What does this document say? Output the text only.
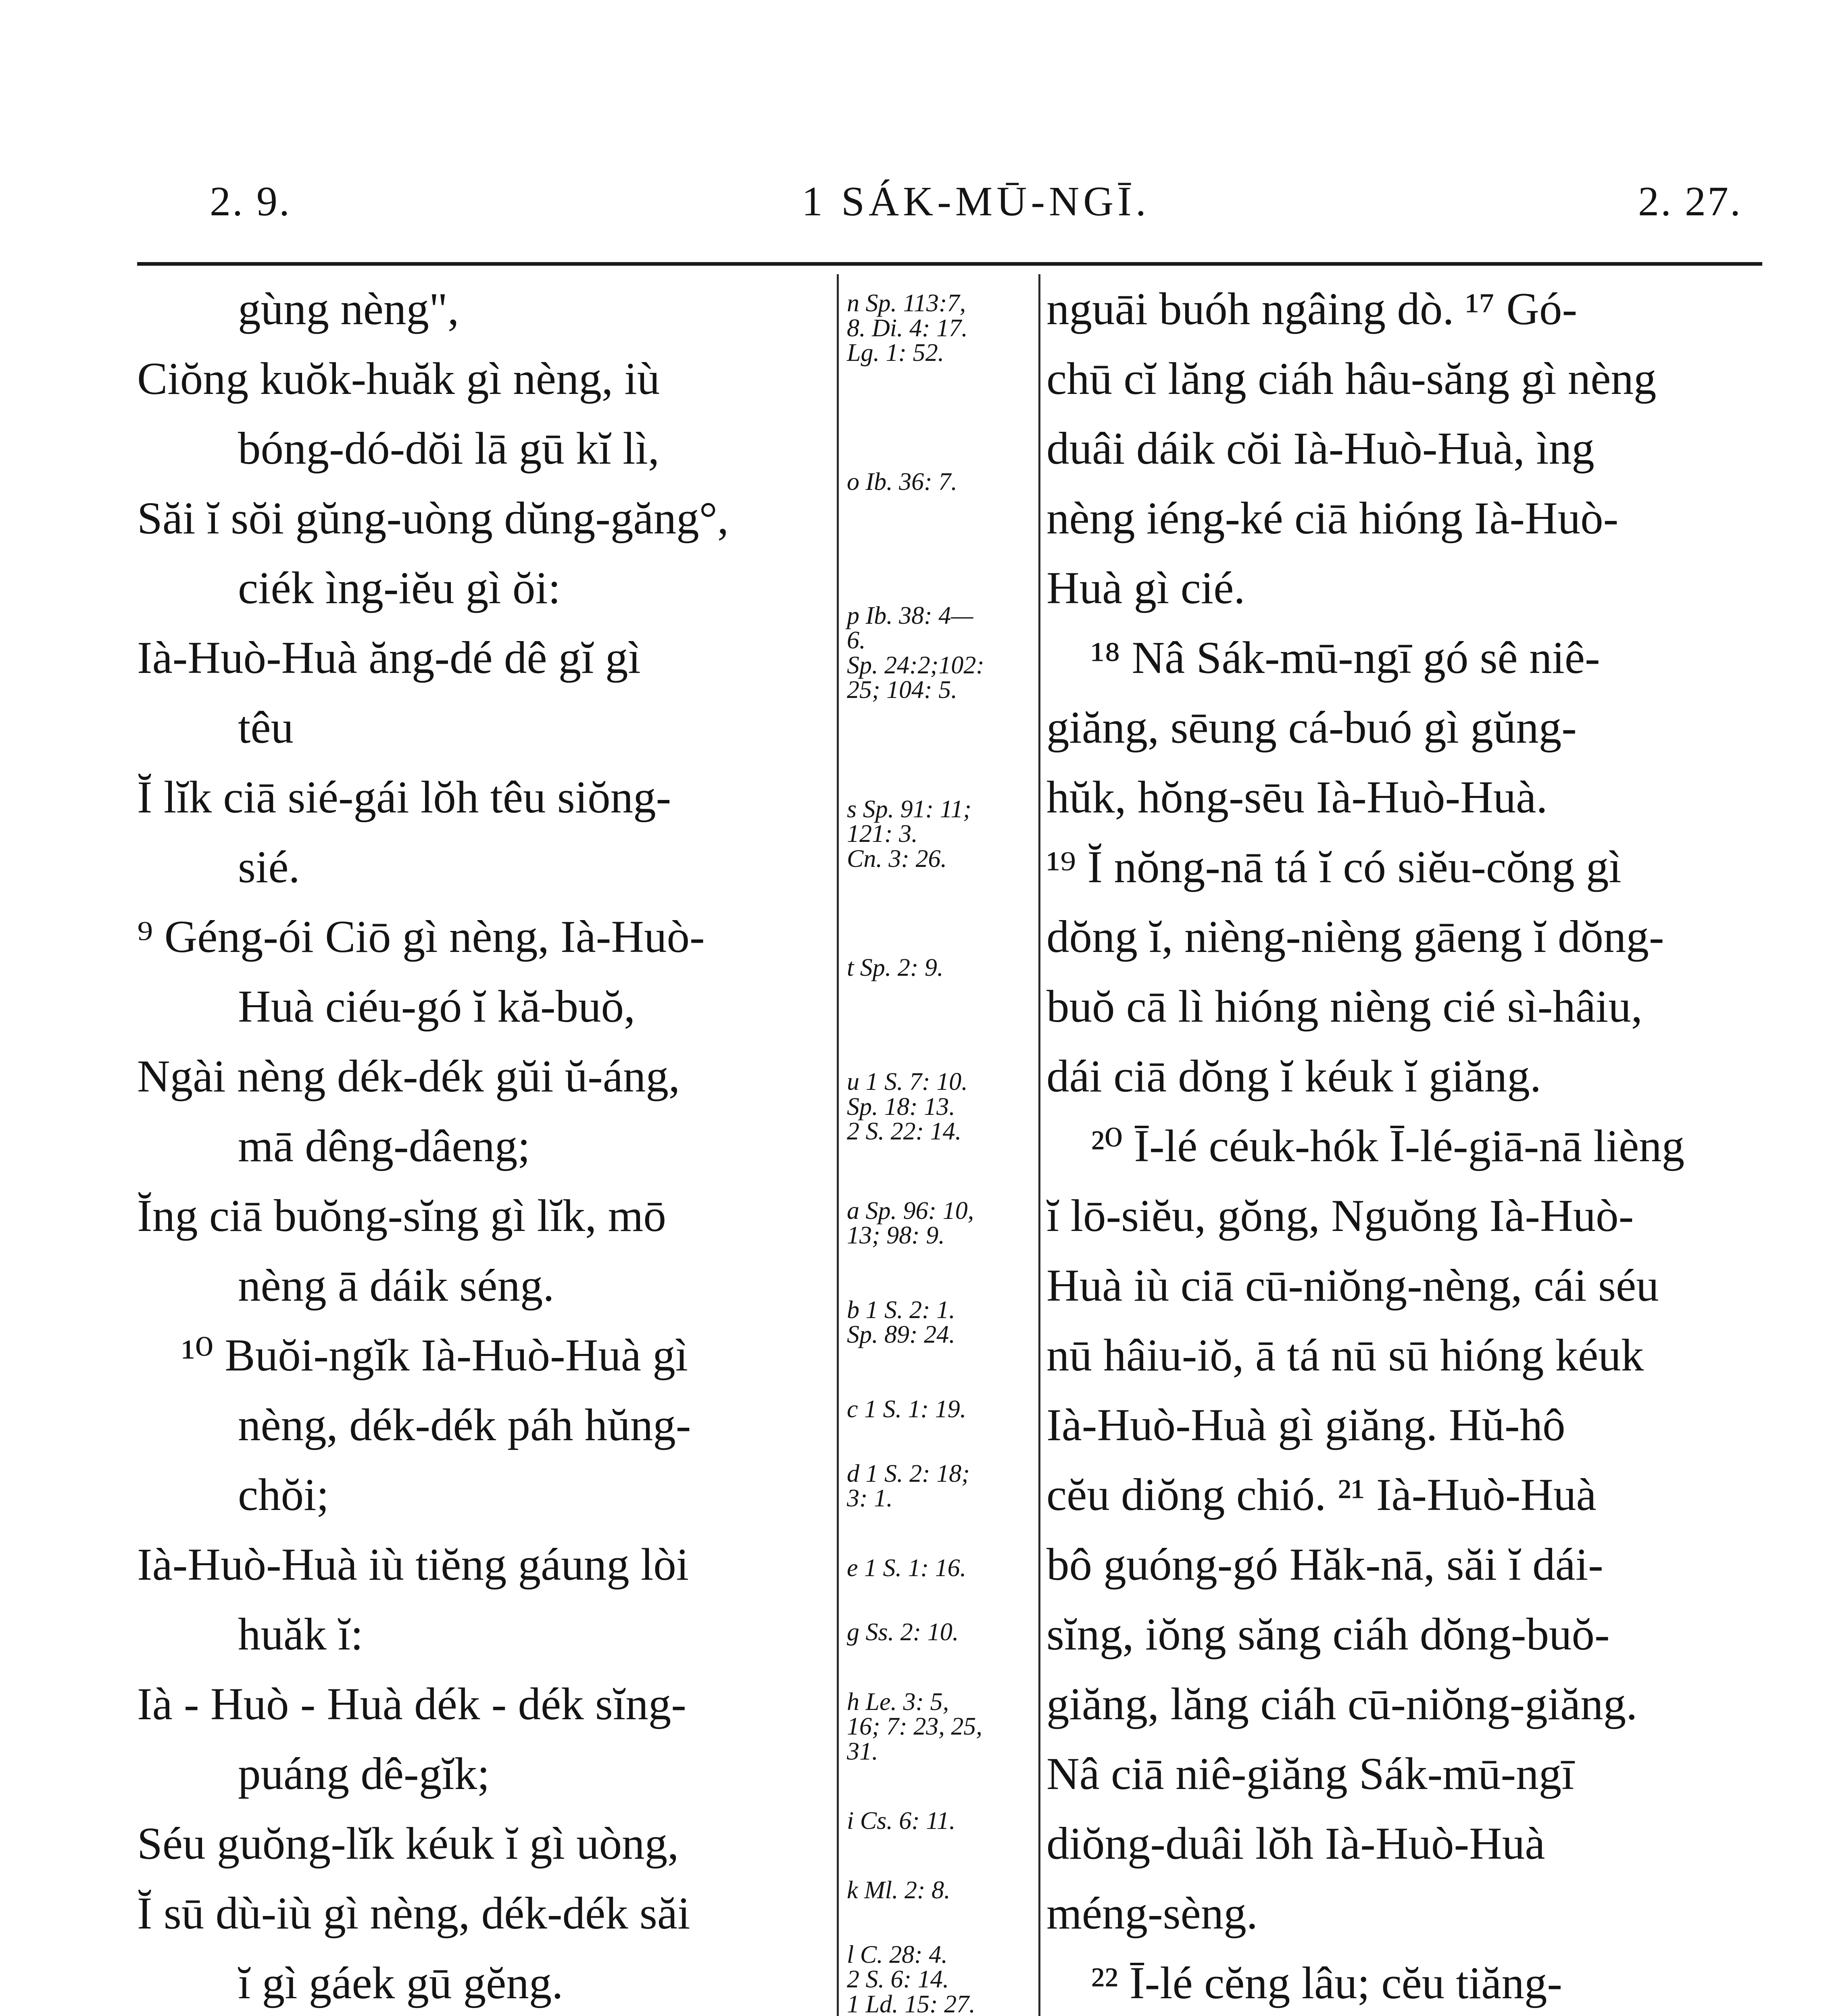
2. 9.	1 SÁK-MŪ-NGĪ.	2. 27.
gùng nèng",
Ciŏng kuŏk-huăk gì nèng, iù
bóng-dó-dŏi lā gū kĭ lì,
Săi ĭ sŏi gŭng-uòng dŭng-găng°,
ciék ìng-iĕu gì ŏi:
Ià-Huò-Huà ăng-dé dê gĭ gì
têu
Ĭ lĭk ciā sié-gái lŏh têu siŏng-
sié.
⁹ Géng-ói Ciō gì nèng, Ià-Huò-
Huà ciéu-gó ĭ kă-buŏ,
Ngài nèng dék-dék gŭi ŭ-áng,
mā dêng-dâeng;
Ĭng ciā buŏng-sĭng gì lĭk, mō
nèng ā dáik séng.
¹⁰ Buŏi-ngĭk Ià-Huò-Huà gì
nèng, dék-dék páh hŭng-
chŏi;
Ià-Huò-Huà iù tiĕng gáung lòi
huăk ĭ:
Ià - Huò - Huà dék - dék sĭng-
puáng dê-gĭk;
Séu guŏng-lĭk kéuk ĭ gì uòng,
Ĭ sū dù-iù gì nèng, dék-dék săi
ĭ gì gáek gū gĕng.
n Sp. 113:7,
8. Di. 4: 17.
Lg. 1: 52.
o Ib. 36: 7.
p Ib. 38: 4—
6.
Sp. 24:2;102:
25; 104: 5.
s Sp. 91: 11;
121: 3.
Cn. 3: 26.
t Sp. 2: 9.
u 1 S. 7: 10.
Sp. 18: 13.
2 S. 22: 14.
a Sp. 96: 10,
13; 98: 9.
b 1 S. 2: 1.
Sp. 89: 24.
c 1 S. 1: 19.
d 1 S. 2: 18;
3: 1.
e 1 S. 1: 16.
g Ss. 2: 10.
h Le. 3: 5,
16; 7: 23, 25,
31.
i Cs. 6: 11.
k Ml. 2: 8.
l C. 28: 4.
2 S. 6: 14.
1 Ld. 15: 27.
nguāi buóh ngâing dò. ¹⁷ Gó-
chū cĭ lăng ciáh hâu-săng gì nèng
duâi dáik cŏi Ià-Huò-Huà, ìng
nèng iéng-ké ciā hióng Ià-Huò-
Huà gì cié.
¹⁸ Nâ Sák-mū-ngī gó sê niê-
giăng, sēung cá-buó gì gŭng-
hŭk, hŏng-sēu Ià-Huò-Huà.
¹⁹ Ĭ nŏng-nā tá ĭ có siĕu-cŏng gì
dŏng ĭ, nièng-nièng gāeng ĭ dŏng-
buŏ cā lì hióng nièng cié sì-hâiu,
dái ciā dŏng ĭ kéuk ĭ giăng.
²⁰ Ī-lé céuk-hók Ī-lé-giā-nā lièng
ĭ lō-siĕu, gŏng, Nguŏng Ià-Huò-
Huà iù ciā cū-niŏng-nèng, cái séu
nū hâiu-iŏ, ā tá nū sū hióng kéuk
Ià-Huò-Huà gì giăng. Hŭ-hô
cĕu diŏng chió. ²¹ Ià-Huò-Huà
bô guóng-gó Hăk-nā, săi ĭ dái-
sĭng, iŏng săng ciáh dŏng-buŏ-
giăng, lăng ciáh cū-niŏng-giăng.
Nâ ciā niê-giăng Sák-mū-ngī
diŏng-duâi lŏh Ià-Huò-Huà
méng-sèng.
²² Ī-lé cĕng lâu; cĕu tiăng-
